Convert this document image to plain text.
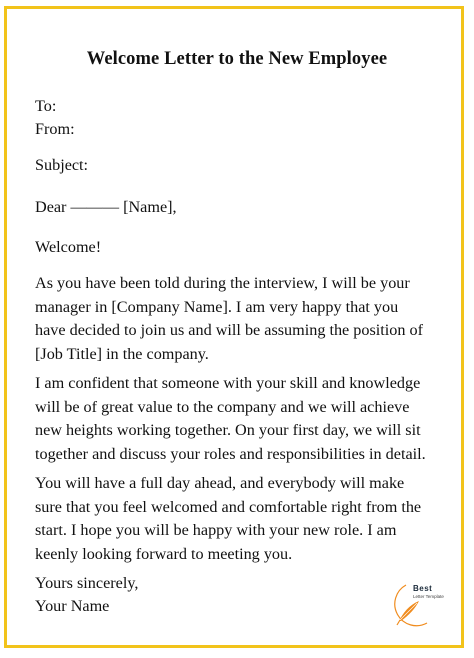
Welcome Letter to the New Employee
To:
From:
Subject:
Dear ——— [Name],
Welcome!
As you have been told during the interview, I will be your
manager in [Company Name]. I am very happy that you
have decided to join us and will be assuming the position of
[Job Title] in the company.
I am confident that someone with your skill and knowledge
will be of great value to the company and we will achieve
new heights working together. On your first day, we will sit
together and discuss your roles and responsibilities in detail.
You will have a full day ahead, and everybody will make
sure that you feel welcomed and comfortable right from the
start. I hope you will be happy with your new role. I am
keenly looking forward to meeting you.
Yours sincerely,
Your Name
Best
Letter Template
